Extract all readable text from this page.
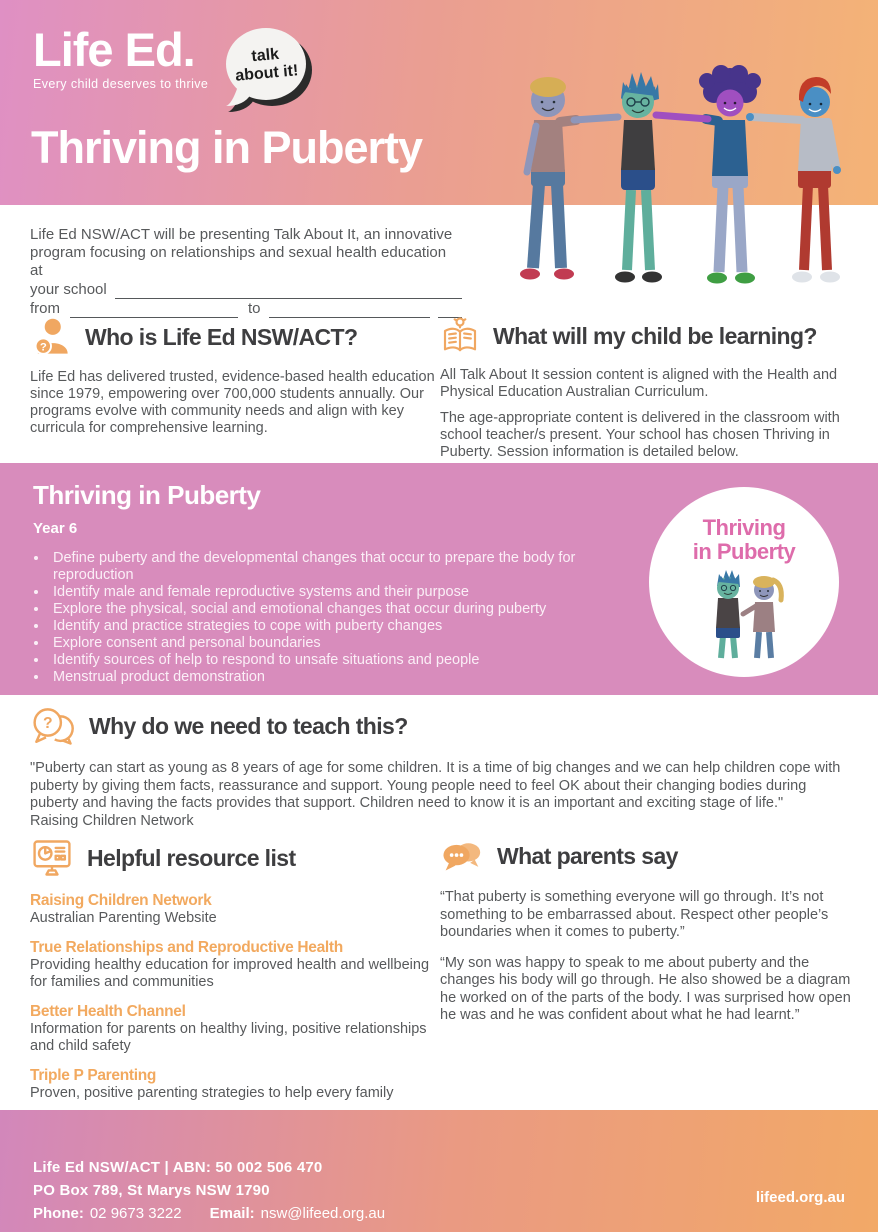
Life Ed.
Every child deserves to thrive
talk
about it!
Thriving in Puberty
Life Ed NSW/ACT will be presenting Talk About It, an innovative
program focusing on relationships and sexual health education at
your school
from	to
? Who is Life Ed NSW/ACT?

Life Ed has delivered trusted, evidence-based health education since 1979, empowering over 700,000 students annually. Our programs evolve with community needs and align with key curricula for comprehensive learning.

What will my child be learning?

All Talk About It session content is aligned with the Health and Physical Education Australian Curriculum.

The age-appropriate content is delivered in the classroom with school teacher/s present. Your school has chosen Thriving in Puberty. Session information is detailed below.

Thriving in Puberty
Year 6
• Define puberty and the developmental changes that occur to prepare the body for reproduction
• Identify male and female reproductive systems and their purpose
• Explore the physical, social and emotional changes that occur during puberty
• Identify and practice strategies to cope with puberty changes
• Explore consent and personal boundaries
• Identify sources of help to respond to unsafe situations and people
• Menstrual product demonstration
Thriving
in Puberty
? Why do we need to teach this?

"Puberty can start as young as 8 years of age for some children. It is a time of big changes and we can help children cope with puberty by giving them facts, reassurance and support. Young people need to feel OK about their changing bodies during puberty and having the facts provides that support. Children need to know it is an important and exciting stage of life."

Raising Children Network
Helpful resource list
Raising Children Network
Australian Parenting Website
True Relationships and Reproductive Health
Providing healthy education for improved health and wellbeing for families and communities
Better Health Channel
Information for parents on healthy living, positive relationships and child safety
Triple P Parenting
Proven, positive parenting strategies to help every family
What parents say

“That puberty is something everyone will go through. It’s not something to be embarrassed about. Respect other people’s boundaries when it comes to puberty.”

“My son was happy to speak to me about puberty and the changes his body will go through. He also showed be a diagram he worked on of the parts of the body. I was surprised how open he was and he was confident about what he had learnt.”

Life Ed NSW/ACT | ABN: 50 002 506 470
PO Box 789, St Marys NSW 1790
Phone: 02 9673 3222 Email: nsw@lifeed.org.au
lifeed.org.au
